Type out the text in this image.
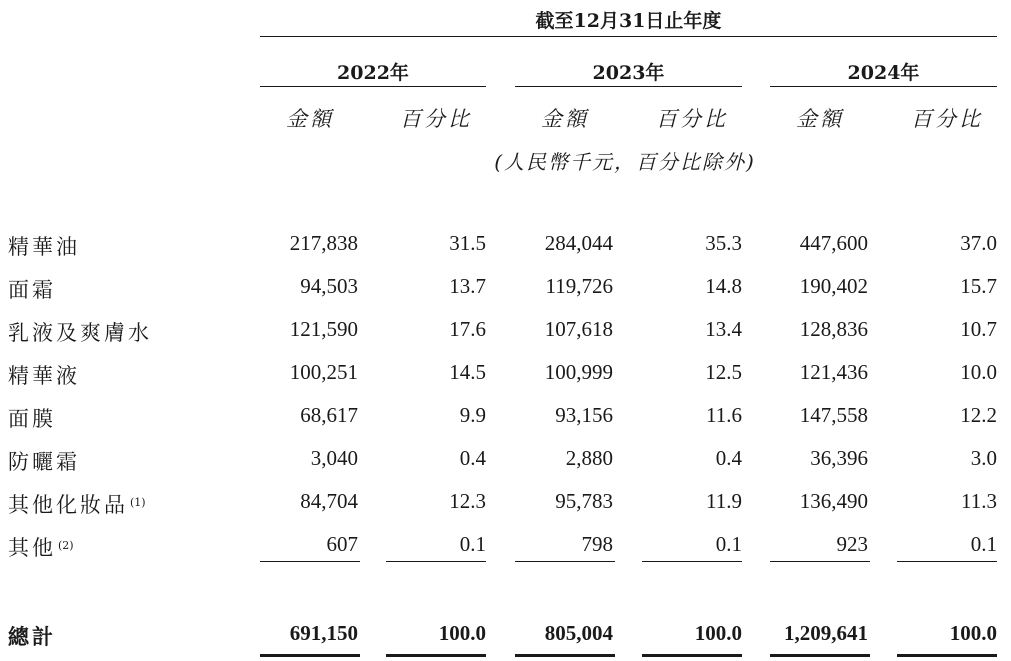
截至12月31日止年度
2022年	2023年	2024年
金額	百分比	金額	百分比	金額	百分比
(人民幣千元，百分比除外)
精華油	217,838	31.5	284,044	35.3	447,600	37.0
面霜	94,503	13.7	119,726	14.8	190,402	15.7
乳液及爽膚水	121,590	17.6	107,618	13.4	128,836	10.7
精華液	100,251	14.5	100,999	12.5	121,436	10.0
面膜	68,617	9.9	93,156	11.6	147,558	12.2
防曬霜	3,040	0.4	2,880	0.4	36,396	3.0
其他化妝品 $^{(1)}$	84,704	12.3	95,783	11.9	136,490	11.3
其他 $^{(2)}$	607	0.1	798	0.1	923	0.1
總計	691,150	100.0	805,004	100.0	1,209,641	100.0
